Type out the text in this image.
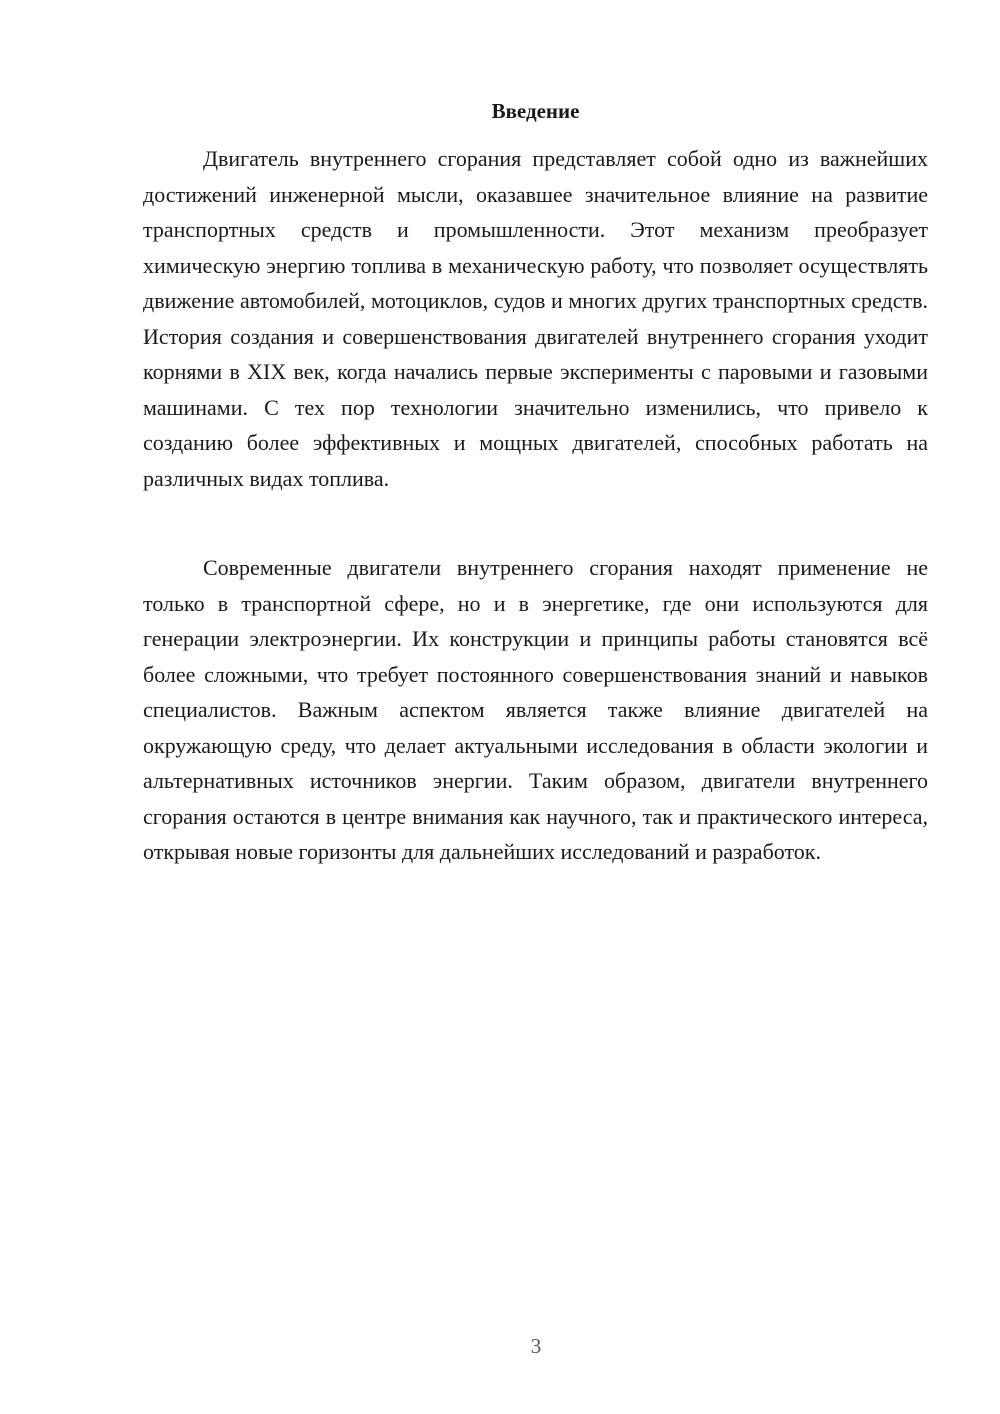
Введение

Двигатель внутреннего сгорания представляет собой одно из важнейших достижений инженерной мысли, оказавшее значительное влияние на развитие транспортных средств и промышленности. Этот механизм преобразует химическую энергию топлива в механическую работу, что позволяет осуществлять движение автомобилей, мотоциклов, судов и многих других транспортных средств. История создания и совершенствования двигателей внутреннего сгорания уходит корнями в XIX век, когда начались первые эксперименты с паровыми и газовыми машинами. С тех пор технологии значительно изменились, что привело к созданию более эффективных и мощных двигателей, способных работать на различных видах топлива.

Современные двигатели внутреннего сгорания находят применение не только в транспортной сфере, но и в энергетике, где они используются для генерации электроэнергии. Их конструкции и принципы работы становятся всё более сложными, что требует постоянного совершенствования знаний и навыков специалистов. Важным аспектом является также влияние двигателей на окружающую среду, что делает актуальными исследования в области экологии и альтернативных источников энергии. Таким образом, двигатели внутреннего сгорания остаются в центре внимания как научного, так и практического интереса, открывая новые горизонты для дальнейших исследований и разработок.

3
